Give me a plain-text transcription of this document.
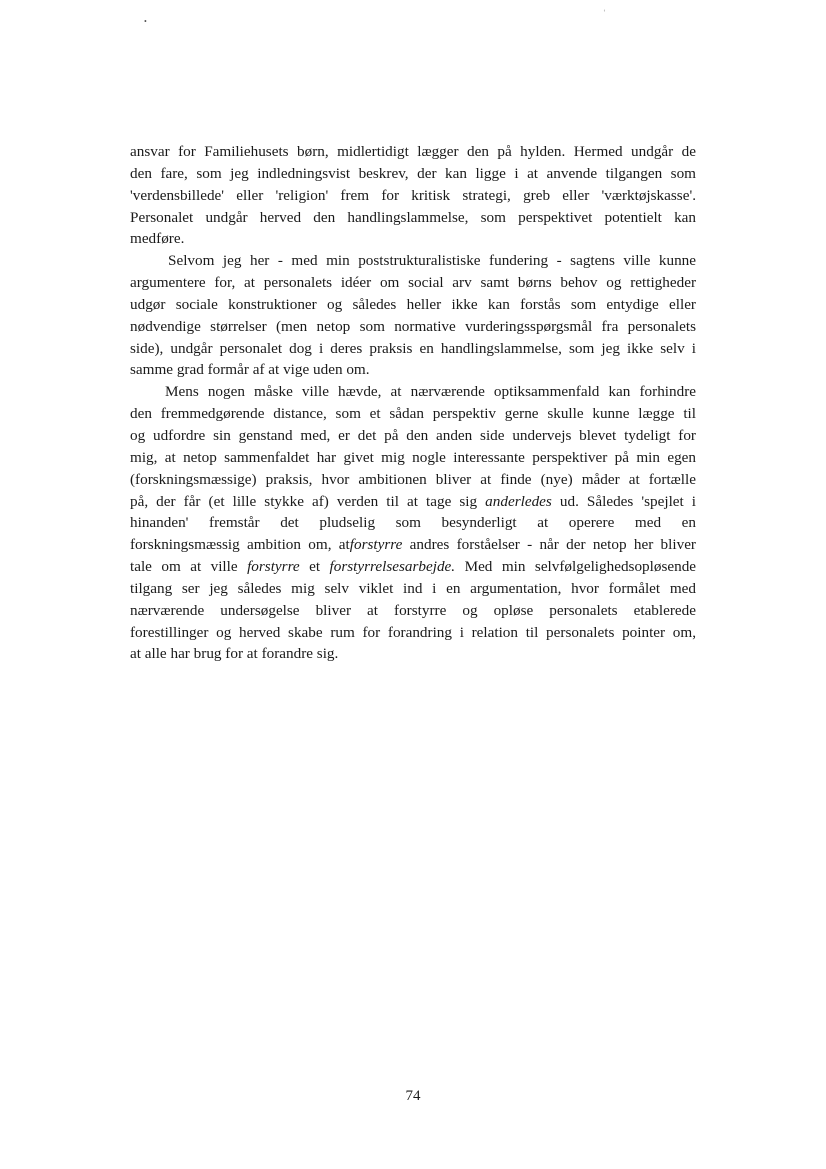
•
ʿ
ansvar for Familiehusets børn, midlertidigt lægger den på hylden. Hermed undgår de
den fare, som jeg indledningsvist beskrev, der kan ligge i at anvende tilgangen som
'verdensbillede' eller 'religion' frem for kritisk strategi, greb eller 'værktøjskasse'.
Personalet undgår herved den handlingslammelse, som perspektivet potentielt kan
medføre.
Selvom jeg her - med min poststrukturalistiske fundering - sagtens ville kunne
argumentere for, at personalets idéer om social arv samt børns behov og rettigheder
udgør sociale konstruktioner og således heller ikke kan forstås som entydige eller
nødvendige størrelser (men netop som normative vurderingsspørgsmål fra personalets
side), undgår personalet dog i deres praksis en handlingslammelse, som jeg ikke selv i
samme grad formår af at vige uden om.
Mens nogen måske ville hævde, at nærværende optiksammenfald kan forhindre
den fremmedgørende distance, som et sådan perspektiv gerne skulle kunne lægge til
og udfordre sin genstand med, er det på den anden side undervejs blevet tydeligt for
mig, at netop sammenfaldet har givet mig nogle interessante perspektiver på min egen
(forskningsmæssige) praksis, hvor ambitionen bliver at finde (nye) måder at fortælle
på, der får (et lille stykke af) verden til at tage sig anderledes ud. Således 'spejlet i
hinanden' fremstår det pludselig som besynderligt at operere med en
forskningsmæssig ambition om, atforstyrre andres forståelser - når der netop her bliver
tale om at ville forstyrre et forstyrrelsesarbejde. Med min selvfølgelighedsopløsende
tilgang ser jeg således mig selv viklet ind i en argumentation, hvor formålet med
nærværende undersøgelse bliver at forstyrre og opløse personalets etablerede
forestillinger og herved skabe rum for forandring i relation til personalets pointer om,
at alle har brug for at forandre sig.
74
